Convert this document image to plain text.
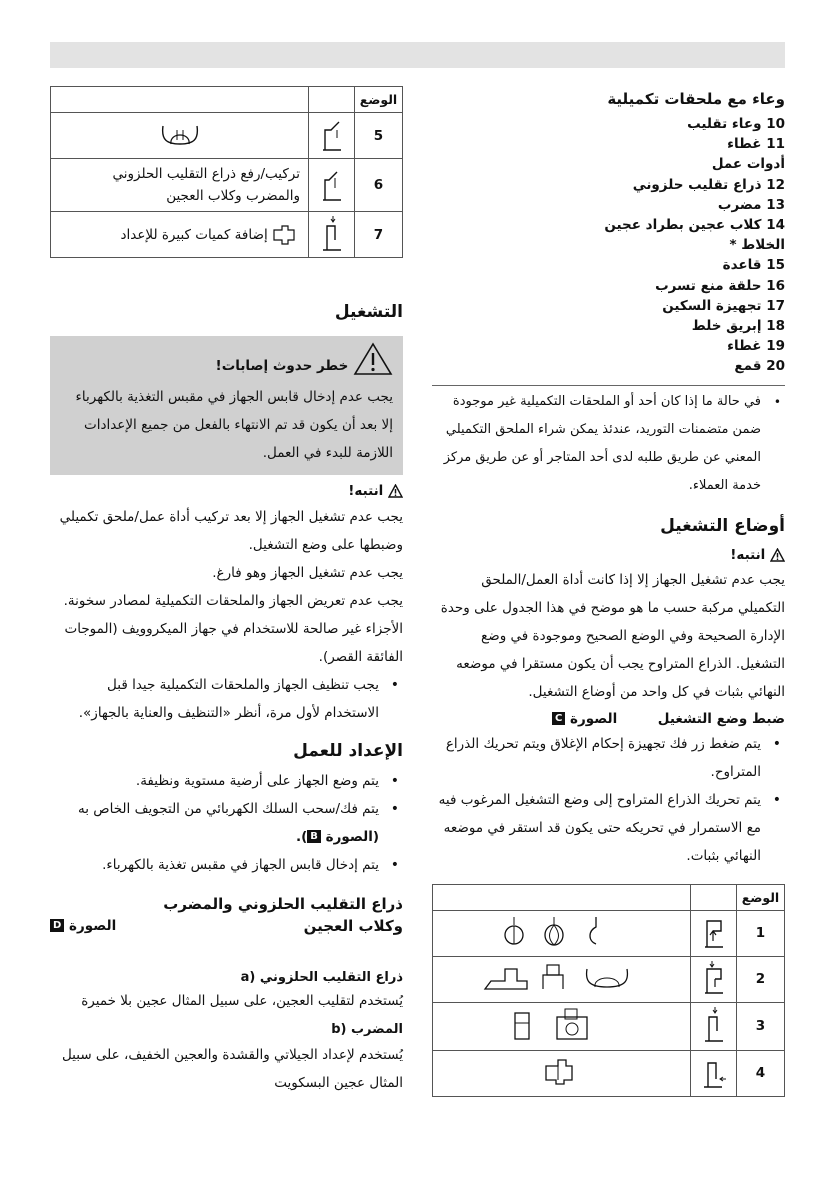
وعاء مع ملحقات تكميلية
10 وعاء تقليب
11 غطاء
أدوات عمل
12 ذراع تقليب حلزوني
13 مضرب
14 كلاب عجين بطراد عجين
الخلاط *
15 قاعدة
16 حلقة منع تسرب
17 تجهيزة السكين
18 إبريق خلط
19 غطاء
20 قمع
• في حالة ما إذا كان أحد أو الملحقات التكميلية غير موجودة ضمن متضمنات التوريد، عندئذ يمكن شراء الملحق التكميلي المعني عن طريق طلبه لدى أحد المتاجر أو عن طريق مركز خدمة العملاء.
أوضاع التشغيل
انتبه!
يجب عدم تشغيل الجهاز إلا إذا كانت أداة العمل/الملحق التكميلي مركبة حسب ما هو موضح في هذا الجدول على وحدة الإدارة الصحيحة وفي الوضع الصحيح وموجودة في وضع التشغيل. الذراع المتراوح يجب أن يكون مستقرا في موضعه النهائي بثبات في كل واحد من أوضاع التشغيل.
ضبط وضع التشغيل
الصورة C
• يتم ضغط زر فك تجهيزة إحكام الإغلاق ويتم تحريك الذراع المتراوح.
• يتم تحريك الذراع المتراوح إلى وضع التشغيل المرغوب فيه مع الاستمرار في تحريكه حتى يكون قد استقر في موضعه النهائي بثبات.
الوضع		
1		
2		
3		
4		
الوضع		
5		
6		تركيب/رفع ذراع التقليب الحلزوني والمضرب وكلاب العجين
7		إضافة كميات كبيرة للإعداد
التشغيل
خطر حدوث إصابات!
يجب عدم إدخال قابس الجهاز في مقبس التغذية بالكهرباء إلا بعد أن يكون قد تم الانتهاء بالفعل من جميع الإعدادات اللازمة للبدء في العمل.
انتبه!
يجب عدم تشغيل الجهاز إلا بعد تركيب أداة عمل/ملحق تكميلي وضبطها على وضع التشغيل.
يجب عدم تشغيل الجهاز وهو فارغ.
يجب عدم تعريض الجهاز والملحقات التكميلية لمصادر سخونة. الأجزاء غير صالحة للاستخدام في جهاز الميكروويف (الموجات الفائقة القصر).
• يجب تنظيف الجهاز والملحقات التكميلية جيدا قبل الاستخدام لأول مرة، أنظر «التنظيف والعناية بالجهاز».
الإعداد للعمل
• يتم وضع الجهاز على أرضية مستوية ونظيفة.
• يتم فك/سحب السلك الكهربائي من التجويف الخاص به (الصورة B).
• يتم إدخال قابس الجهاز في مقبس تغذية بالكهرباء.
ذراع التقليب الحلزوني والمضرب
وكلاب العجين
الصورة D
ذراع التقليب الحلزوني (a
يُستخدم لتقليب العجين، على سبيل المثال عجين بلا خميرة
المضرب (b
يُستخدم لإعداد الجيلاتي والقشدة والعجين الخفيف، على سبيل المثال عجين البسكويت
